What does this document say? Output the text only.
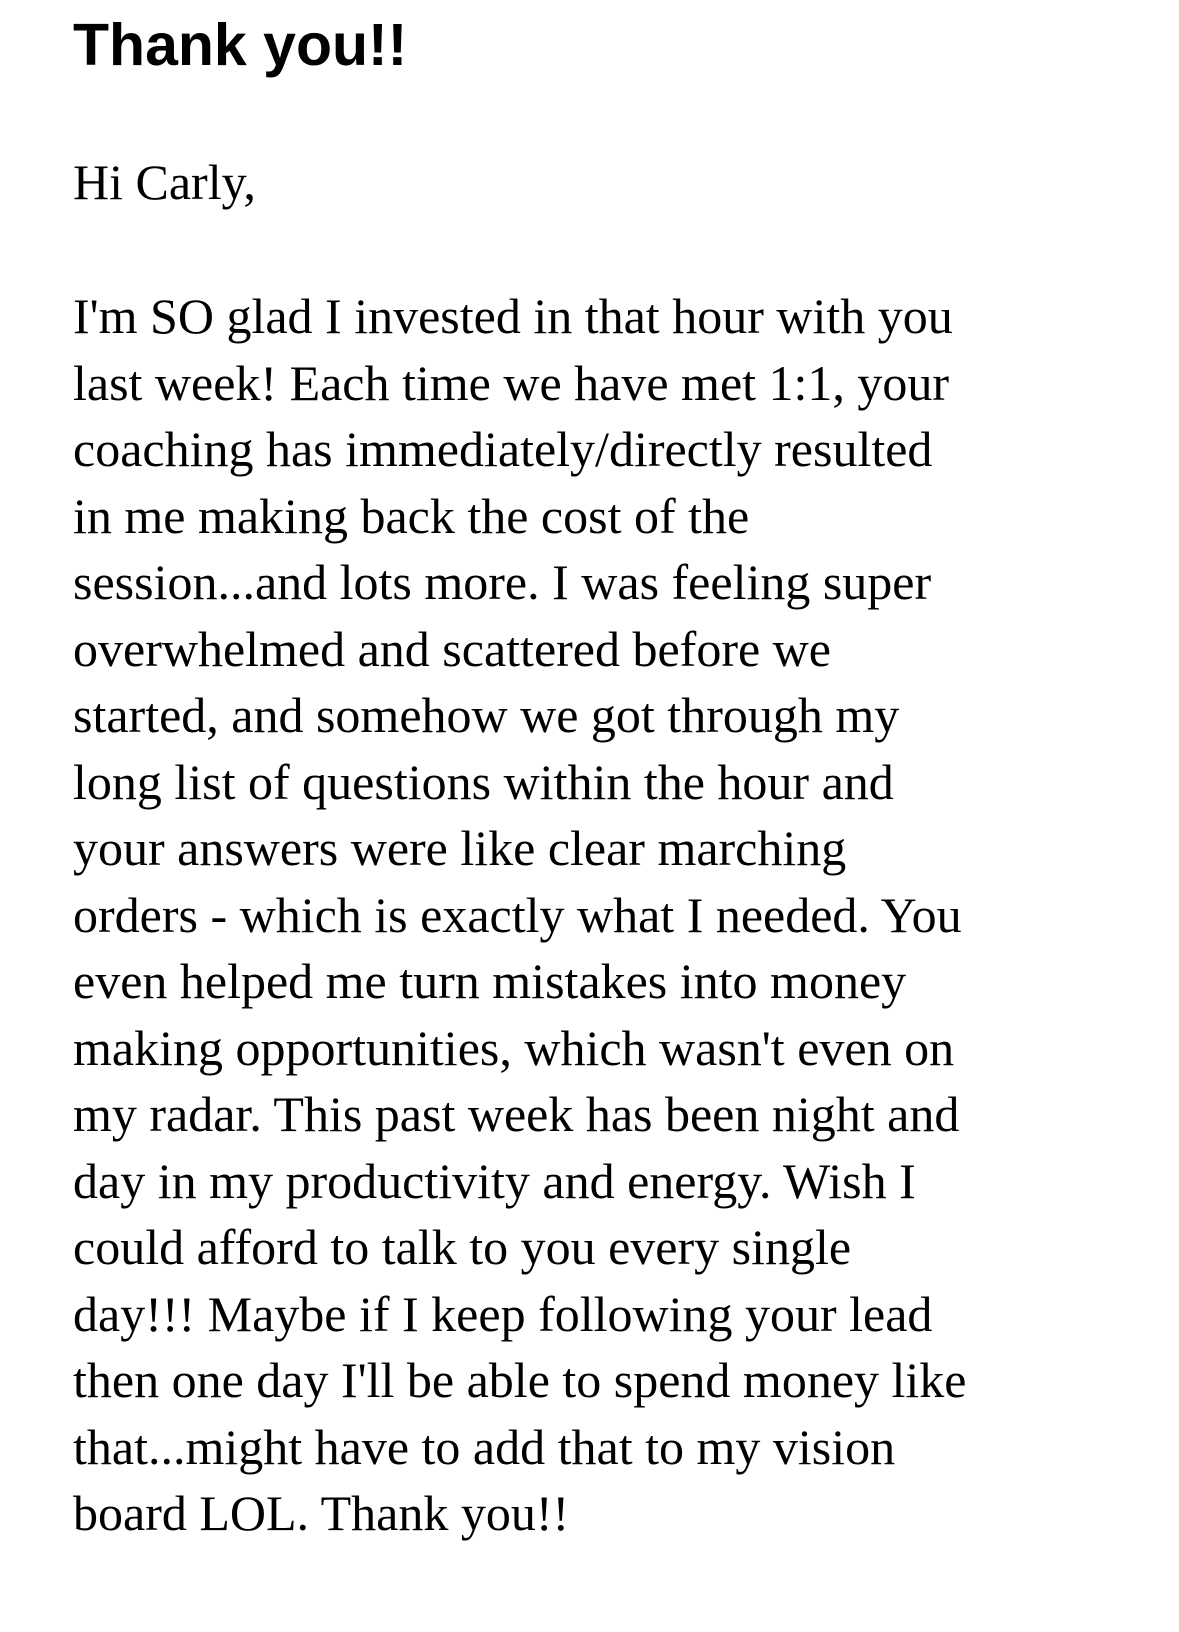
Thank you!!

Hi Carly,

I'm SO glad I invested in that hour with you
last week! Each time we have met 1:1, your
coaching has immediately/directly resulted
in me making back the cost of the
session...and lots more. I was feeling super
overwhelmed and scattered before we
started, and somehow we got through my
long list of questions within the hour and
your answers were like clear marching
orders - which is exactly what I needed. You
even helped me turn mistakes into money
making opportunities, which wasn't even on
my radar. This past week has been night and
day in my productivity and energy. Wish I
could afford to talk to you every single
day!!! Maybe if I keep following your lead
then one day I'll be able to spend money like
that...might have to add that to my vision
board LOL. Thank you!!
